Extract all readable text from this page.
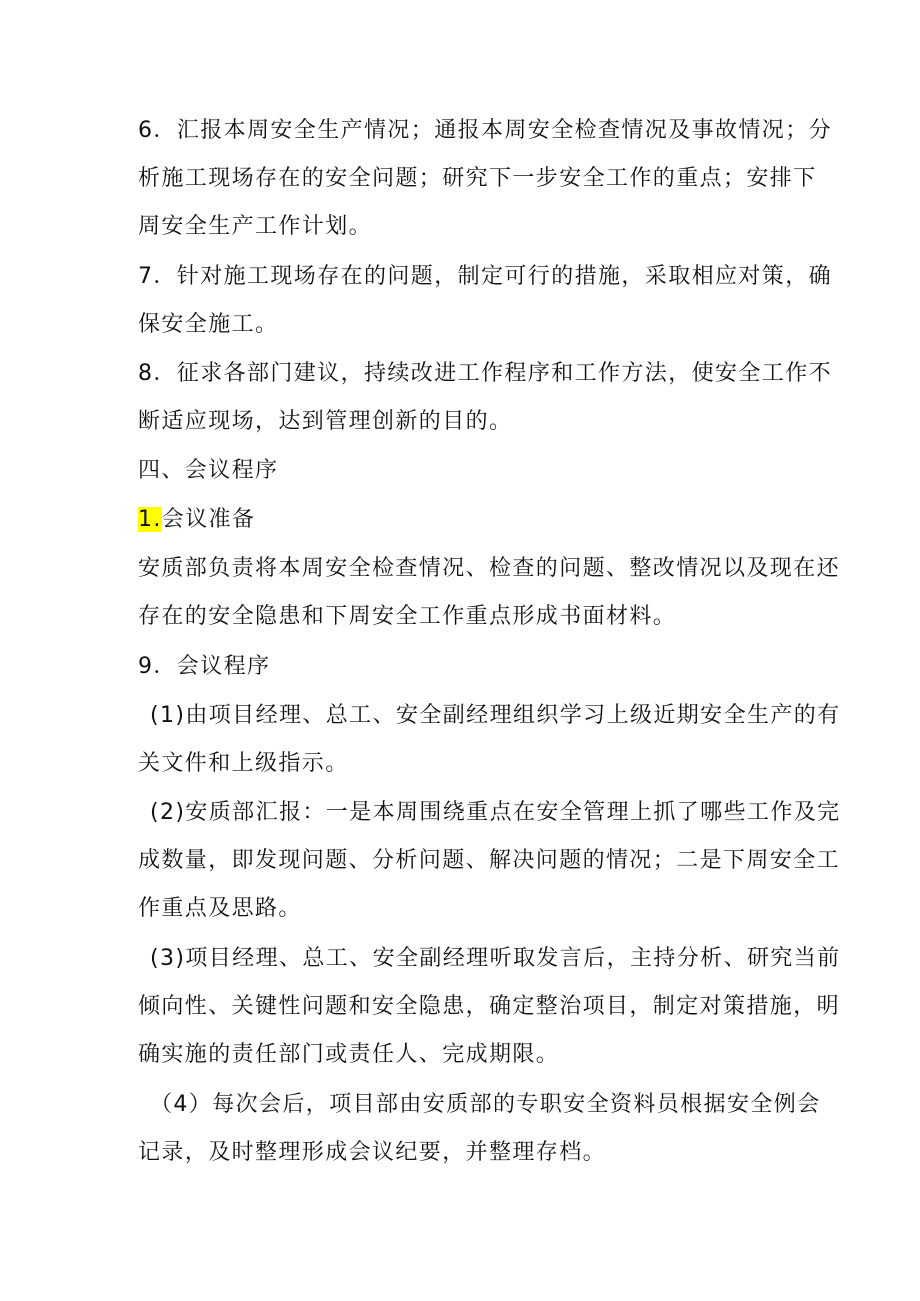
6．汇报本周安全生产情况；通报本周安全检查情况及事故情况；分
析施工现场存在的安全问题；研究下一步安全工作的重点；安排下
周安全生产工作计划。
7．针对施工现场存在的问题，制定可行的措施，采取相应对策，确
保安全施工。
8．征求各部门建议，持续改进工作程序和工作方法，使安全工作不
断适应现场，达到管理创新的目的。
四、会议程序
1.会议准备
安质部负责将本周安全检查情况、检查的问题、整改情况以及现在还
存在的安全隐患和下周安全工作重点形成书面材料。
9．会议程序
(1)由项目经理、总工、安全副经理组织学习上级近期安全生产的有
关文件和上级指示。
(2)安质部汇报：一是本周围绕重点在安全管理上抓了哪些工作及完
成数量，即发现问题、分析问题、解决问题的情况；二是下周安全工
作重点及思路。
(3)项目经理、总工、安全副经理听取发言后，主持分析、研究当前
倾向性、关键性问题和安全隐患，确定整治项目，制定对策措施，明
确实施的责任部门或责任人、完成期限。
（4）每次会后，项目部由安质部的专职安全资料员根据安全例会
记录，及时整理形成会议纪要，并整理存档。
